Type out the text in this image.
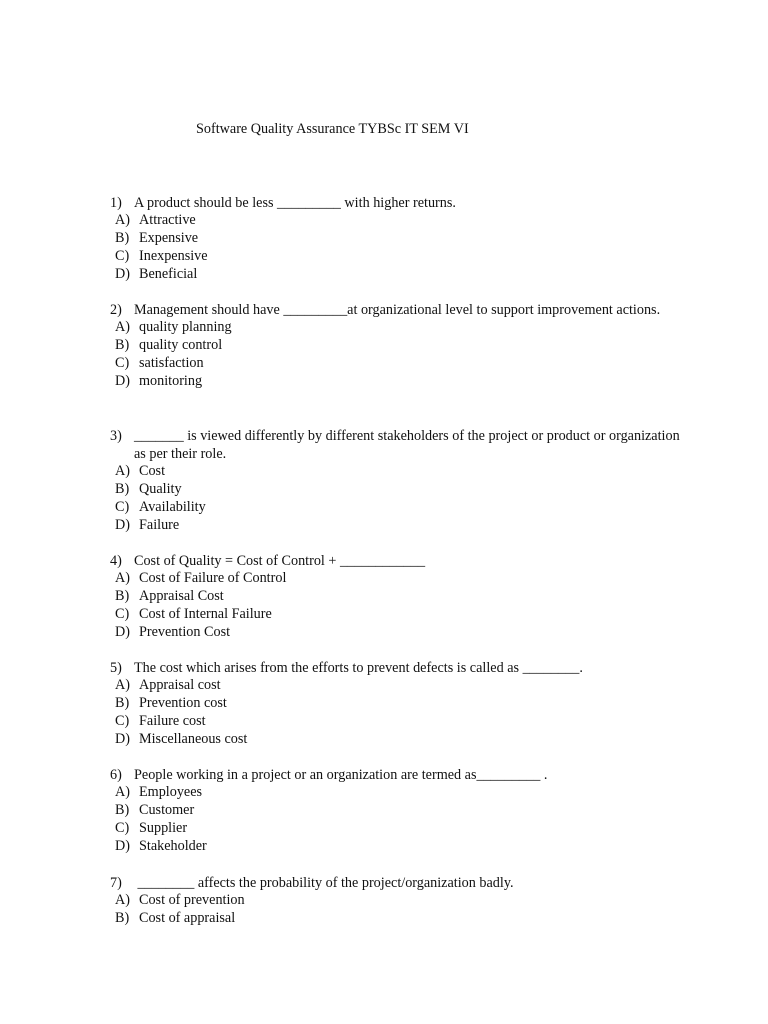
Software Quality Assurance TYBSc IT SEM VI
1) A product should be less _________ with higher returns.
A) Attractive
B) Expensive
C) Inexpensive
D) Beneficial
2) Management should have _________at organizational level to support improvement actions.
A) quality planning
B) quality control
C) satisfaction
D) monitoring
3) _______ is viewed differently by different stakeholders of the project or product or organization as per their role.
A) Cost
B) Quality
C) Availability
D) Failure
4) Cost of Quality = Cost of Control + ____________
A) Cost of Failure of Control
B) Appraisal Cost
C) Cost of Internal Failure
D) Prevention Cost
5) The cost which arises from the efforts to prevent defects is called as ________.
A) Appraisal cost
B) Prevention cost
C) Failure cost
D) Miscellaneous cost
6) People working in a project or an organization are termed as_________ .
A) Employees
B) Customer
C) Supplier
D) Stakeholder
7) ________ affects the probability of the project/organization badly.
A) Cost of prevention
B) Cost of appraisal
